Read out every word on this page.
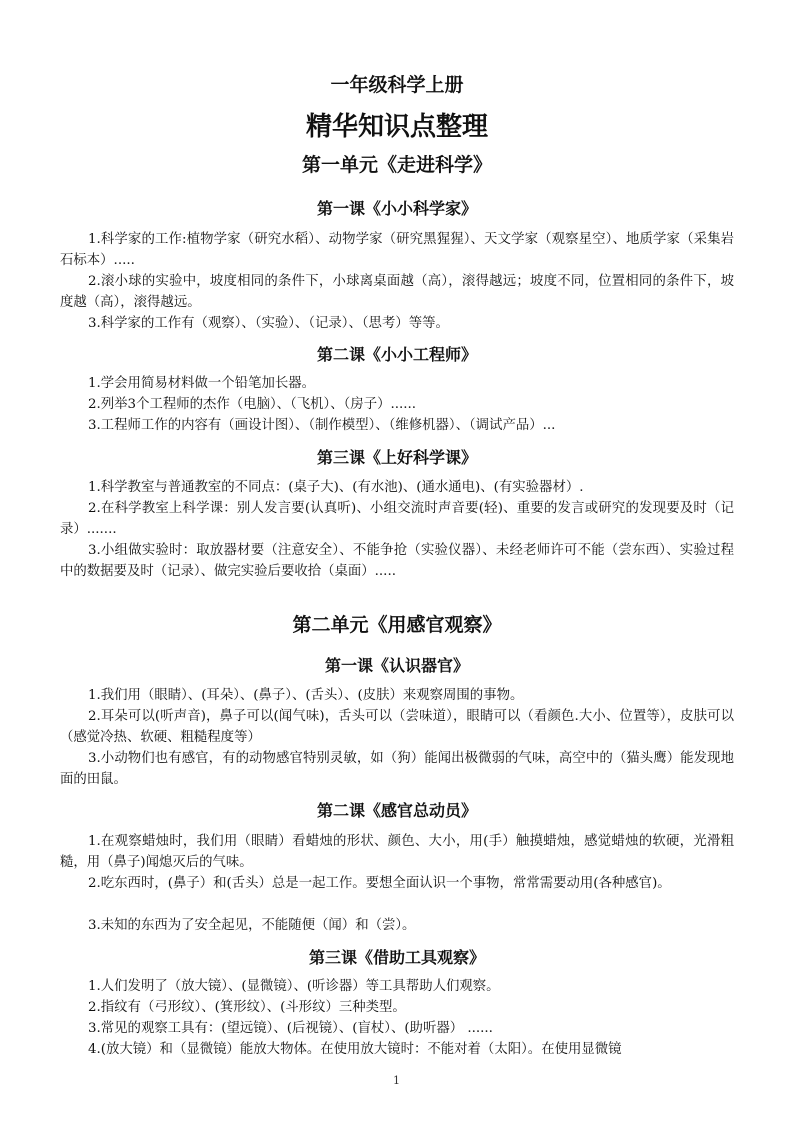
一年级科学上册
精华知识点整理
第一单元《走进科学》
第一课《小小科学家》

1.科学家的工作:植物学家（研究水稻）、动物学家（研究黑猩猩）、天文学家（观察星空）、地质学家（采集岩石标本）.....

2.滚小球的实验中，坡度相同的条件下，小球离桌面越（高），滚得越远；坡度不同，位置相同的条件下，坡度越（高），滚得越远。

3.科学家的工作有（观察）、（实验）、（记录）、（思考）等等。

第二课《小小工程师》

1.学会用简易材料做一个铅笔加长器。

2.列举3个工程师的杰作（电脑）、（飞机）、（房子）......

3.工程师工作的内容有（画设计图）、（制作模型）、（维修机器）、（调试产品）...

第三课《上好科学课》

1.科学教室与普通教室的不同点：(桌子大)、(有水池)、(通水通电)、(有实验器材）.

2.在科学教室上科学课：别人发言要(认真听)、小组交流时声音要(轻)、重要的发言或研究的发现要及时（记录）.......

3.小组做实验时：取放器材要（注意安全）、不能争抢（实验仪器）、未经老师许可不能（尝东西）、实验过程中的数据要及时（记录）、做完实验后要收拾（桌面）.....

第二单元《用感官观察》
第一课《认识器官》

1.我们用（眼睛）、(耳朵）、(鼻子）、(舌头）、(皮肤）来观察周围的事物。

2.耳朵可以(听声音)，鼻子可以(闻气味)，舌头可以（尝味道），眼睛可以（看颜色.大小、位置等），皮肤可以（感觉冷热、软硬、粗糙程度等）

3.小动物们也有感官，有的动物感官特别灵敏，如（狗）能闻出极微弱的气味，高空中的（猫头鹰）能发现地面的田鼠。

第二课《感官总动员》

1.在观察蜡烛时，我们用（眼睛）看蜡烛的形状、颜色、大小，用(手）触摸蜡烛，感觉蜡烛的软硬，光滑粗糙，用（鼻子)闻熄灭后的气味。

2.吃东西时，(鼻子）和(舌头）总是一起工作。要想全面认识一个事物，常常需要动用(各种感官)。

3.未知的东西为了安全起见，不能随便（闻）和（尝）。

第三课《借助工具观察》

1.人们发明了（放大镜）、(显微镜）、(听诊器）等工具帮助人们观察。

2.指纹有（弓形纹）、(箕形纹）、(斗形纹）三种类型。

3.常见的观察工具有：(望远镜）、(后视镜）、(盲杖）、(助听器） ......

4.(放大镜）和（显微镜）能放大物体。在使用放大镜时：不能对着（太阳）。在使用显微镜

1
